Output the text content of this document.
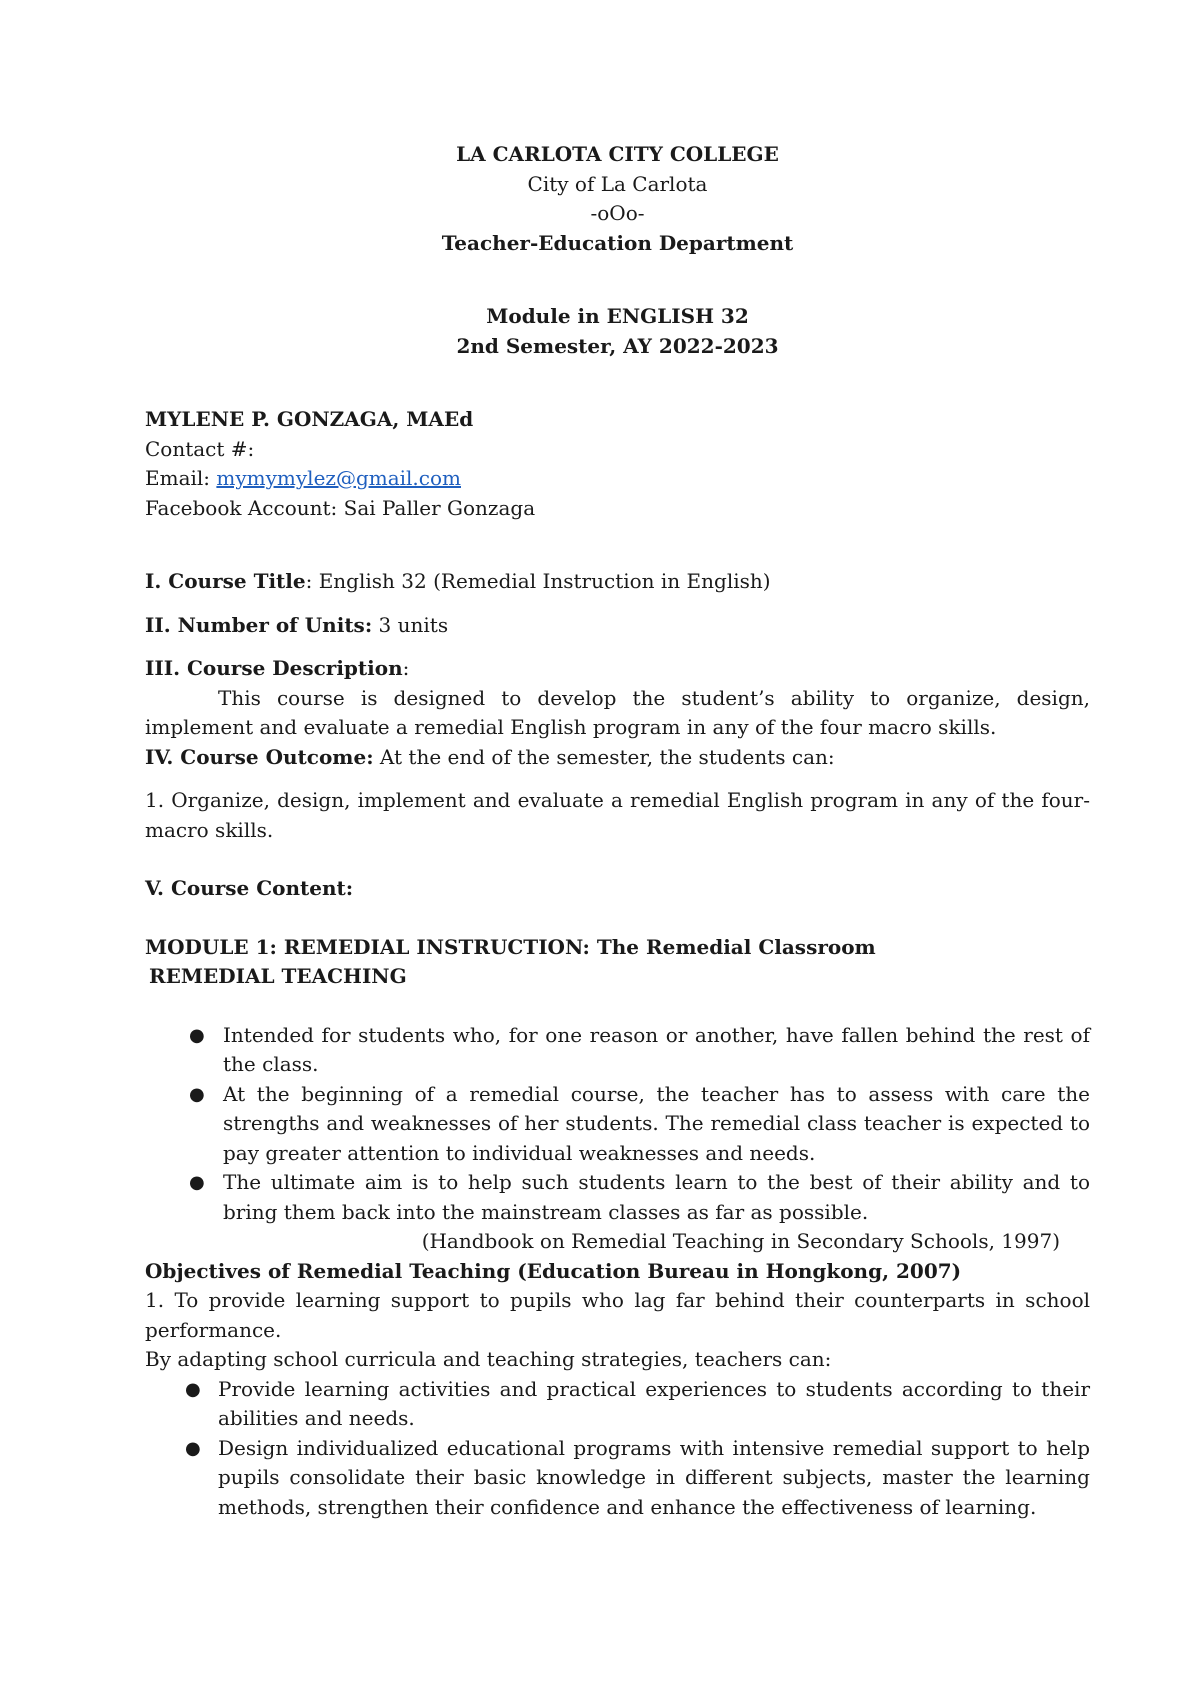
LA CARLOTA CITY COLLEGE

City of La Carlota

-oOo-

Teacher-Education Department

Module in ENGLISH 32

2nd Semester, AY 2022-2023

MYLENE P. GONZAGA, MAEd

Contact #:

Email: mymymylez@gmail.com

Facebook Account: Sai Paller Gonzaga

I. Course Title: English 32 (Remedial Instruction in English)

II. Number of Units: 3 units

III. Course Description:

This course is designed to develop the student’s ability to organize, design, implement and evaluate a remedial English program in any of the four macro skills.

IV. Course Outcome: At the end of the semester, the students can:

1. Organize, design, implement and evaluate a remedial English program in any of the four-macro skills.

V. Course Content:

MODULE 1: REMEDIAL INSTRUCTION: The Remedial Classroom

REMEDIAL TEACHING

● Intended for students who, for one reason or another, have fallen behind the rest of the class.
● At the beginning of a remedial course, the teacher has to assess with care the strengths and weaknesses of her students. The remedial class teacher is expected to pay greater attention to individual weaknesses and needs.
● The ultimate aim is to help such students learn to the best of their ability and to bring them back into the mainstream classes as far as possible.

(Handbook on Remedial Teaching in Secondary Schools, 1997)

Objectives of Remedial Teaching (Education Bureau in Hongkong, 2007)

1. To provide learning support to pupils who lag far behind their counterparts in school performance.

By adapting school curricula and teaching strategies, teachers can:

● Provide learning activities and practical experiences to students according to their abilities and needs.
● Design individualized educational programs with intensive remedial support to help pupils consolidate their basic knowledge in different subjects, master the learning methods, strengthen their confidence and enhance the effectiveness of learning.
